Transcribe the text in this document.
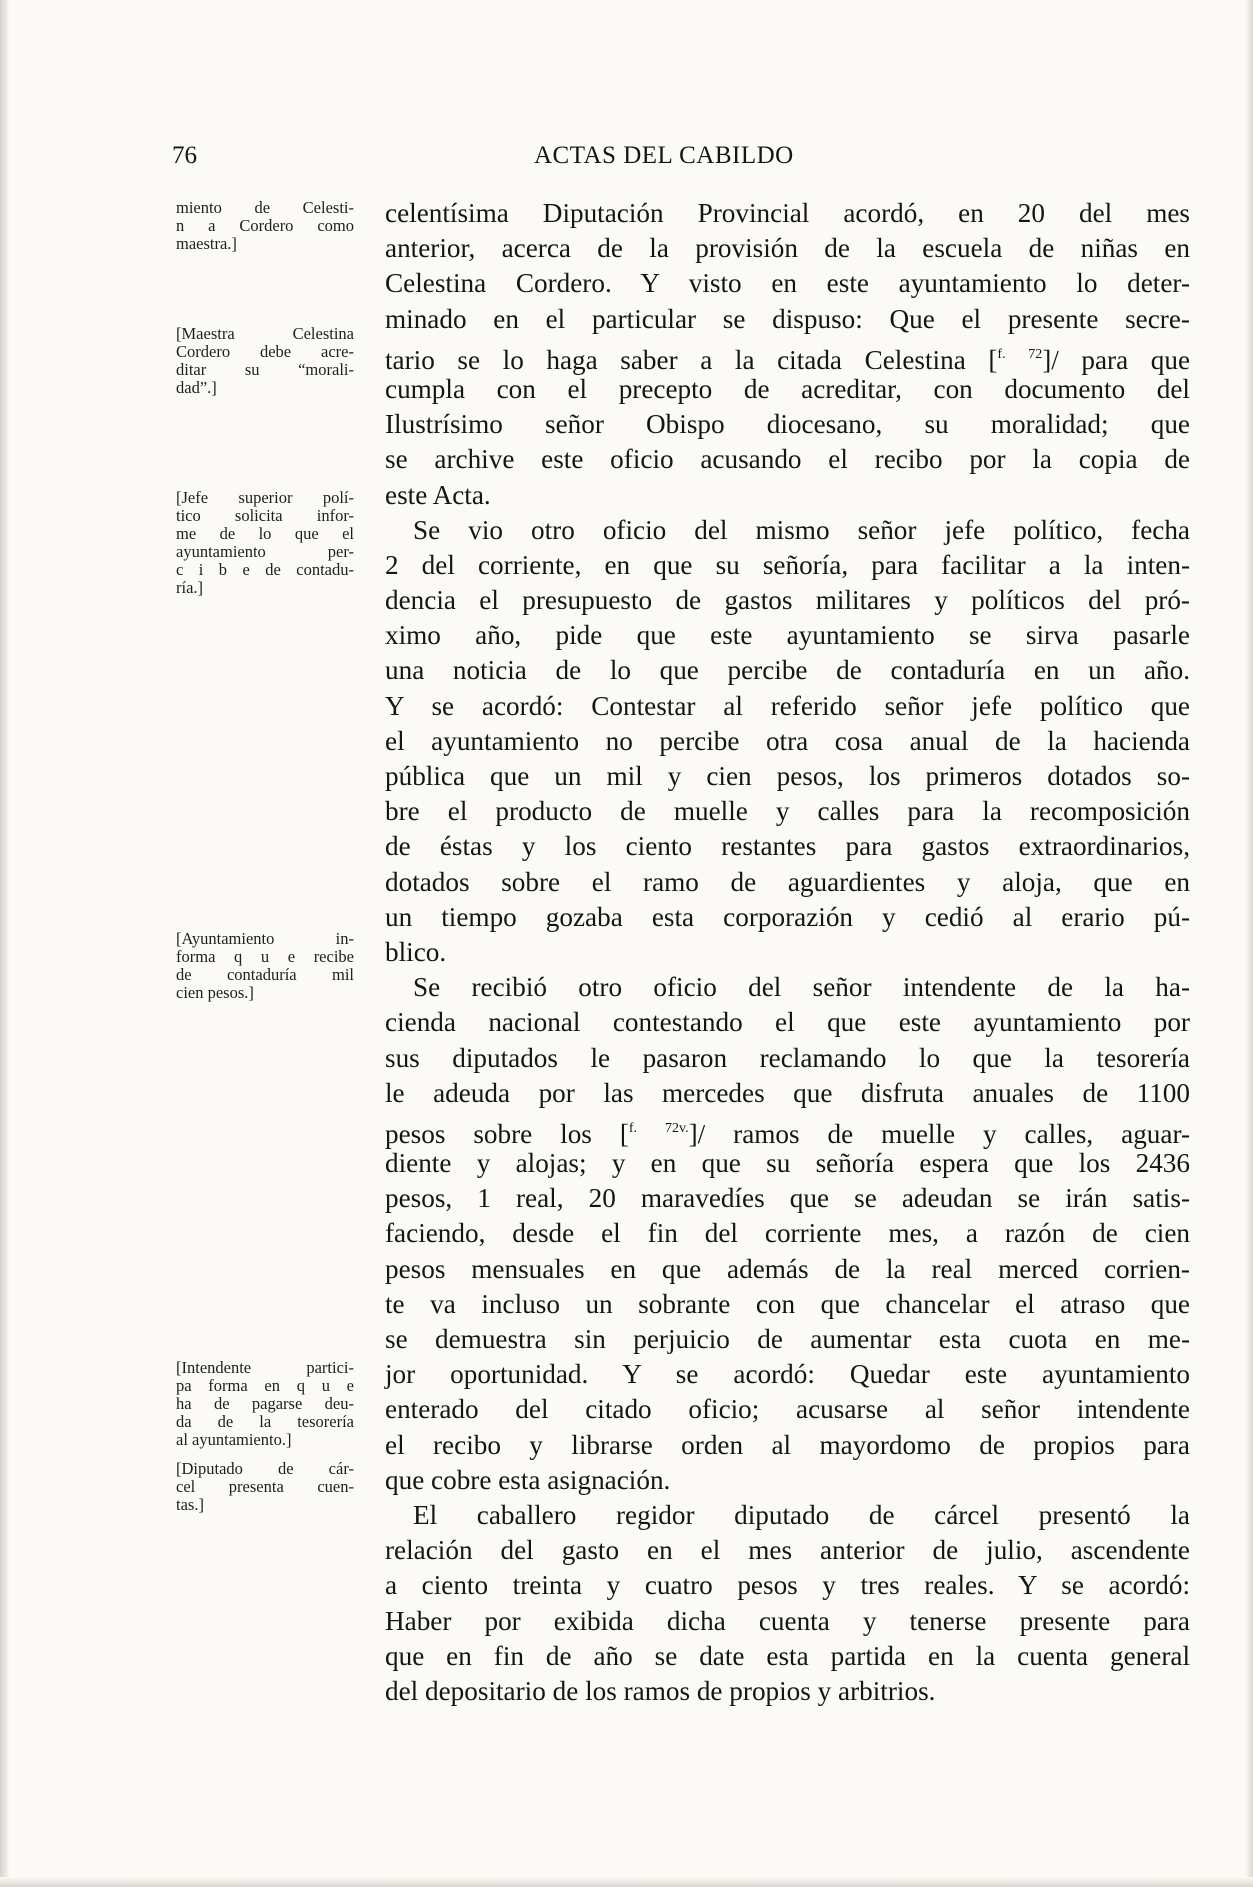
76	ACTAS DEL CABILDO
miento de Celesti-
n a Cordero como
maestra.]
[Maestra Celestina
Cordero debe acre-
ditar su “morali-
dad”.]
[Jefe superior polí-
tico solicita infor-
me de lo que el
ayuntamiento per-
c i b e de contadu-
ría.]
[Ayuntamiento in-
forma q u e recibe
de contaduría mil
cien pesos.]
[Intendente partici-
pa forma en q u e
ha de pagarse deu-
da de la tesorería
al ayuntamiento.]
[Diputado de cár-
cel presenta cuen-
tas.]
celentísima Diputación Provincial acordó, en 20 del mes
anterior, acerca de la provisión de la escuela de niñas en
Celestina Cordero. Y visto en este ayuntamiento lo deter-
minado en el particular se dispuso: Que el presente secre-
tario se lo haga saber a la citada Celestina [$^{f.}$ $^{72}$]/ para que
cumpla con el precepto de acreditar, con documento del
Ilustrísimo señor Obispo diocesano, su moralidad; que
se archive este oficio acusando el recibo por la copia de
este Acta.
Se vio otro oficio del mismo señor jefe político, fecha
2 del corriente, en que su señoría, para facilitar a la inten-
dencia el presupuesto de gastos militares y políticos del pró-
ximo año, pide que este ayuntamiento se sirva pasarle
una noticia de lo que percibe de contaduría en un año.
Y se acordó: Contestar al referido señor jefe político que
el ayuntamiento no percibe otra cosa anual de la hacienda
pública que un mil y cien pesos, los primeros dotados so-
bre el producto de muelle y calles para la recomposición
de éstas y los ciento restantes para gastos extraordinarios,
dotados sobre el ramo de aguardientes y aloja, que en
un tiempo gozaba esta corporazión y cedió al erario pú-
blico.
Se recibió otro oficio del señor intendente de la ha-
cienda nacional contestando el que este ayuntamiento por
sus diputados le pasaron reclamando lo que la tesorería
le adeuda por las mercedes que disfruta anuales de 1100
pesos sobre los [$^{f.}$ $^{72v.}$]/ ramos de muelle y calles, aguar-
diente y alojas; y en que su señoría espera que los 2436
pesos, 1 real, 20 maravedíes que se adeudan se irán satis-
faciendo, desde el fin del corriente mes, a razón de cien
pesos mensuales en que además de la real merced corrien-
te va incluso un sobrante con que chancelar el atraso que
se demuestra sin perjuicio de aumentar esta cuota en me-
jor oportunidad. Y se acordó: Quedar este ayuntamiento
enterado del citado oficio; acusarse al señor intendente
el recibo y librarse orden al mayordomo de propios para
que cobre esta asignación.
El caballero regidor diputado de cárcel presentó la
relación del gasto en el mes anterior de julio, ascendente
a ciento treinta y cuatro pesos y tres reales. Y se acordó:
Haber por exibida dicha cuenta y tenerse presente para
que en fin de año se date esta partida en la cuenta general
del depositario de los ramos de propios y arbitrios.
